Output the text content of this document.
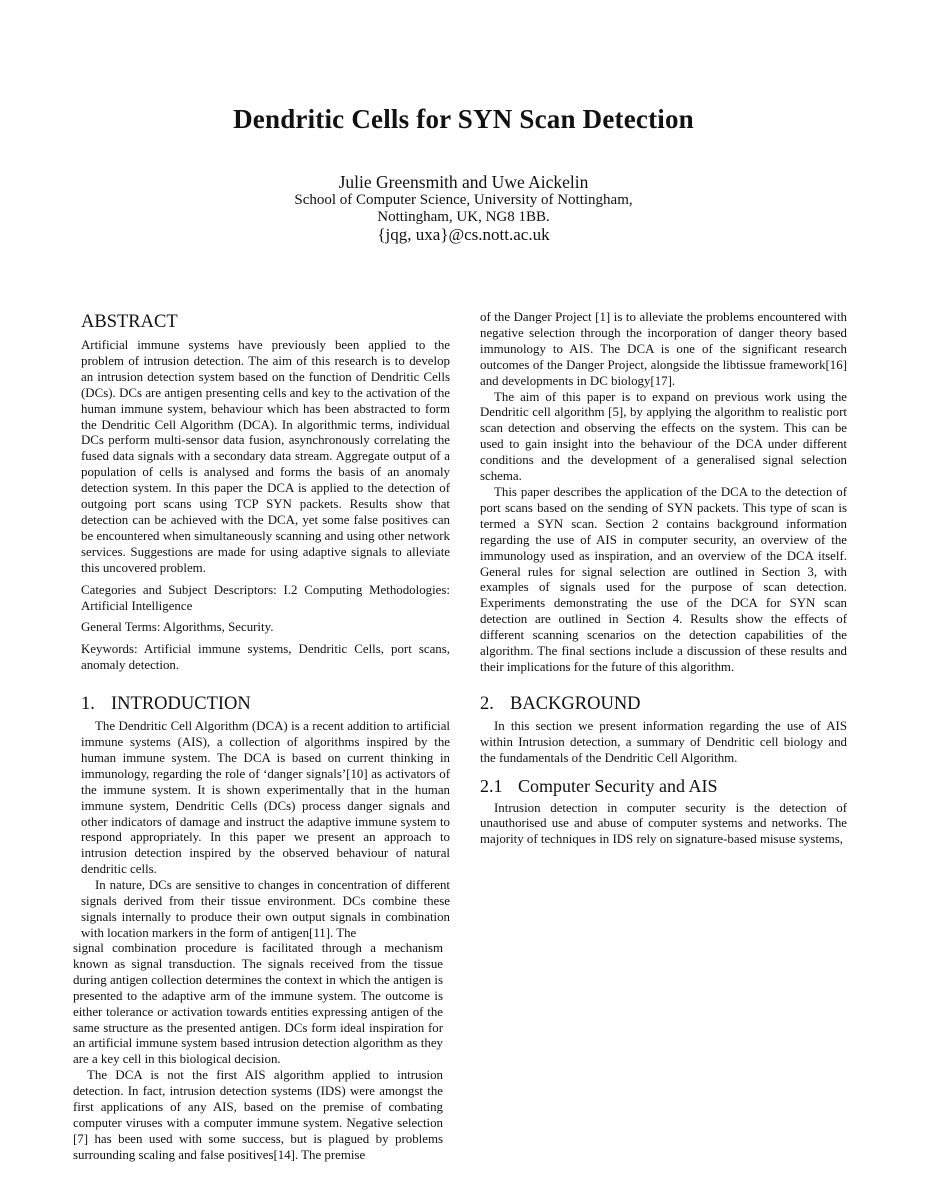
Dendritic Cells for SYN Scan Detection
Julie Greensmith and Uwe Aickelin
School of Computer Science, University of Nottingham,
Nottingham, UK, NG8 1BB.
{jqg, uxa}@cs.nott.ac.uk
ABSTRACT

Artificial immune systems have previously been applied to the problem of intrusion detection. The aim of this research is to develop an intrusion detection system based on the function of Dendritic Cells (DCs). DCs are antigen presenting cells and key to the activation of the human immune system, behaviour which has been abstracted to form the Dendritic Cell Algorithm (DCA). In algorithmic terms, individual DCs perform multi-sensor data fusion, asynchronously correlating the fused data signals with a secondary data stream. Aggregate output of a population of cells is analysed and forms the basis of an anomaly detection system. In this paper the DCA is applied to the detection of outgoing port scans using TCP SYN packets. Results show that detection can be achieved with the DCA, yet some false positives can be encountered when simultaneously scanning and using other network services. Suggestions are made for using adaptive signals to alleviate this uncovered problem.

Categories and Subject Descriptors: I.2 Computing Methodologies: Artificial Intelligence

General Terms: Algorithms, Security.

Keywords: Artificial immune systems, Dendritic Cells, port scans, anomaly detection.

1. INTRODUCTION

The Dendritic Cell Algorithm (DCA) is a recent addition to artificial immune systems (AIS), a collection of algorithms inspired by the human immune system. The DCA is based on current thinking in immunology, regarding the role of ‘danger signals’[10] as activators of the immune system. It is shown experimentally that in the human immune system, Dendritic Cells (DCs) process danger signals and other indicators of damage and instruct the adaptive immune system to respond appropriately. In this paper we present an approach to intrusion detection inspired by the observed behaviour of natural dendritic cells.

In nature, DCs are sensitive to changes in concentration of different signals derived from their tissue environment. DCs combine these signals internally to produce their own output signals in combination with location markers in the form of antigen[11]. The

signal combination procedure is facilitated through a mechanism known as signal transduction. The signals received from the tissue during antigen collection determines the context in which the antigen is presented to the adaptive arm of the immune system. The outcome is either tolerance or activation towards entities expressing antigen of the same structure as the presented antigen. DCs form ideal inspiration for an artificial immune system based intrusion detection algorithm as they are a key cell in this biological decision.

The DCA is not the first AIS algorithm applied to intrusion detection. In fact, intrusion detection systems (IDS) were amongst the first applications of any AIS, based on the premise of combating computer viruses with a computer immune system. Negative selection [7] has been used with some success, but is plagued by problems surrounding scaling and false positives[14]. The premise

of the Danger Project [1] is to alleviate the problems encountered with negative selection through the incorporation of danger theory based immunology to AIS. The DCA is one of the significant research outcomes of the Danger Project, alongside the libtissue framework[16] and developments in DC biology[17].

The aim of this paper is to expand on previous work using the Dendritic cell algorithm [5], by applying the algorithm to realistic port scan detection and observing the effects on the system. This can be used to gain insight into the behaviour of the DCA under different conditions and the development of a generalised signal selection schema.

This paper describes the application of the DCA to the detection of port scans based on the sending of SYN packets. This type of scan is termed a SYN scan. Section 2 contains background information regarding the use of AIS in computer security, an overview of the immunology used as inspiration, and an overview of the DCA itself. General rules for signal selection are outlined in Section 3, with examples of signals used for the purpose of scan detection. Experiments demonstrating the use of the DCA for SYN scan detection are outlined in Section 4. Results show the effects of different scanning scenarios on the detection capabilities of the algorithm. The final sections include a discussion of these results and their implications for the future of this algorithm.

2. BACKGROUND

In this section we present information regarding the use of AIS within Intrusion detection, a summary of Dendritic cell biology and the fundamentals of the Dendritic Cell Algorithm.

2.1 Computer Security and AIS

Intrusion detection in computer security is the detection of unauthorised use and abuse of computer systems and networks. The majority of techniques in IDS rely on signature-based misuse systems,
